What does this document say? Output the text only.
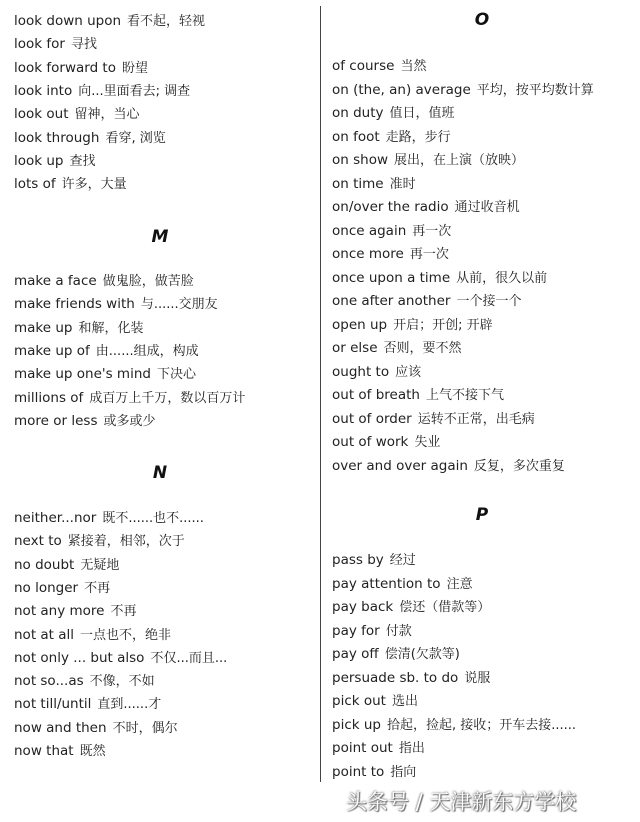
look down upon 看不起，轻视
look for 寻找
look forward to 盼望
look into 向...里面看去; 调查
look out 留神，当心
look through 看穿, 浏览
look up 查找
lots of 许多，大量
M
make a face 做鬼脸，做苦脸
make friends with 与......交朋友
make up 和解，化装
make up of 由......组成，构成
make up one's mind 下决心
millions of 成百万上千万，数以百万计
more or less 或多或少
N
neither...nor 既不......也不......
next to 紧接着，相邻，次于
no doubt 无疑地
no longer 不再
not any more 不再
not at all 一点也不，绝非
not only ... but also 不仅...而且...
not so...as 不像，不如
not till/until 直到......才
now and then 不时，偶尔
now that 既然
O
of course 当然
on (the, an) average 平均，按平均数计算
on duty 值日，值班
on foot 走路，步行
on show 展出，在上演（放映）
on time 准时
on/over the radio 通过收音机
once again 再一次
once more 再一次
once upon a time 从前，很久以前
one after another 一个接一个
open up 开启；开创; 开辟
or else 否则，要不然
ought to 应该
out of breath 上气不接下气
out of order 运转不正常，出毛病
out of work 失业
over and over again 反复，多次重复
P
pass by 经过
pay attention to 注意
pay back 偿还（借款等）
pay for 付款
pay off 偿清(欠款等)
persuade sb. to do 说服
pick out 选出
pick up 拾起，捡起, 接收；开车去接......
point out 指出
point to 指向
头条号 / 天津新东方学校
